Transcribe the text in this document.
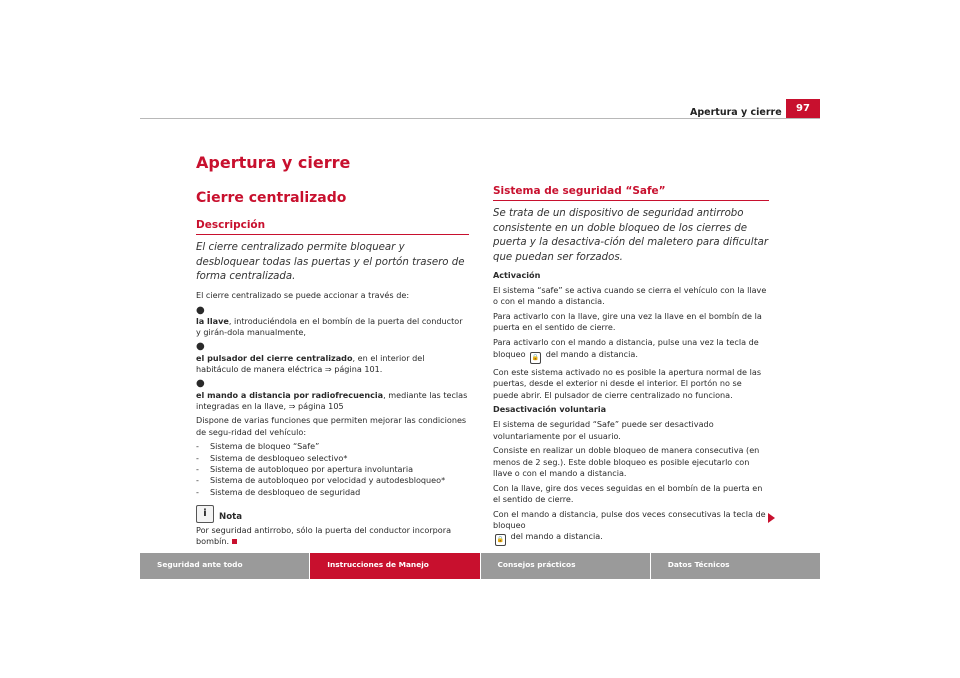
Apertura y cierre	97
Apertura y cierre
Cierre centralizado
Descripción

El cierre centralizado permite bloquear y desbloquear todas las puertas y el portón trasero de forma centralizada.

El cierre centralizado se puede accionar a través de:

●
la llave, introduciéndola en el bombín de la puerta del conductor y girán-dola manualmente,
●
el pulsador del cierre centralizado, en el interior del habitáculo de manera eléctrica ⇒ página 101.
●
el mando a distancia por radiofrecuencia, mediante las teclas integradas en la llave, ⇒ página 105

Dispone de varias funciones que permiten mejorar las condiciones de segu-ridad del vehículo:

-	Sistema de bloqueo “Safe”
-	Sistema de desbloqueo selectivo*
-	Sistema de autobloqueo por apertura involuntaria
-	Sistema de autobloqueo por velocidad y autodesbloqueo*
-	Sistema de desbloqueo de seguridad
i	Nota

Por seguridad antirrobo, sólo la puerta del conductor incorpora bombín.

Sistema de seguridad “Safe”

Se trata de un dispositivo de seguridad antirrobo consistente en un doble bloqueo de los cierres de puerta y la desactiva-ción del maletero para dificultar que puedan ser forzados.

Activación

El sistema “safe” se activa cuando se cierra el vehículo con la llave o con el mando a distancia.

Para activarlo con la llave, gire una vez la llave en el bombín de la puerta en el sentido de cierre.

Para activarlo con el mando a distancia, pulse una vez la tecla de bloqueo 🔒 del mando a distancia.

Con este sistema activado no es posible la apertura normal de las puertas, desde el exterior ni desde el interior. El portón no se puede abrir. El pulsador de cierre centralizado no funciona.

Desactivación voluntaria

El sistema de seguridad “Safe” puede ser desactivado voluntariamente por el usuario.

Consiste en realizar un doble bloqueo de manera consecutiva (en menos de 2 seg.). Este doble bloqueo es posible ejecutarlo con llave o con el mando a distancia.

Con la llave, gire dos veces seguidas en el bombín de la puerta en el sentido de cierre.

Con el mando a distancia, pulse dos veces consecutivas la tecla de bloqueo
🔒 del mando a distancia.

Seguridad ante todo	Instrucciones de Manejo	Consejos prácticos	Datos Técnicos
